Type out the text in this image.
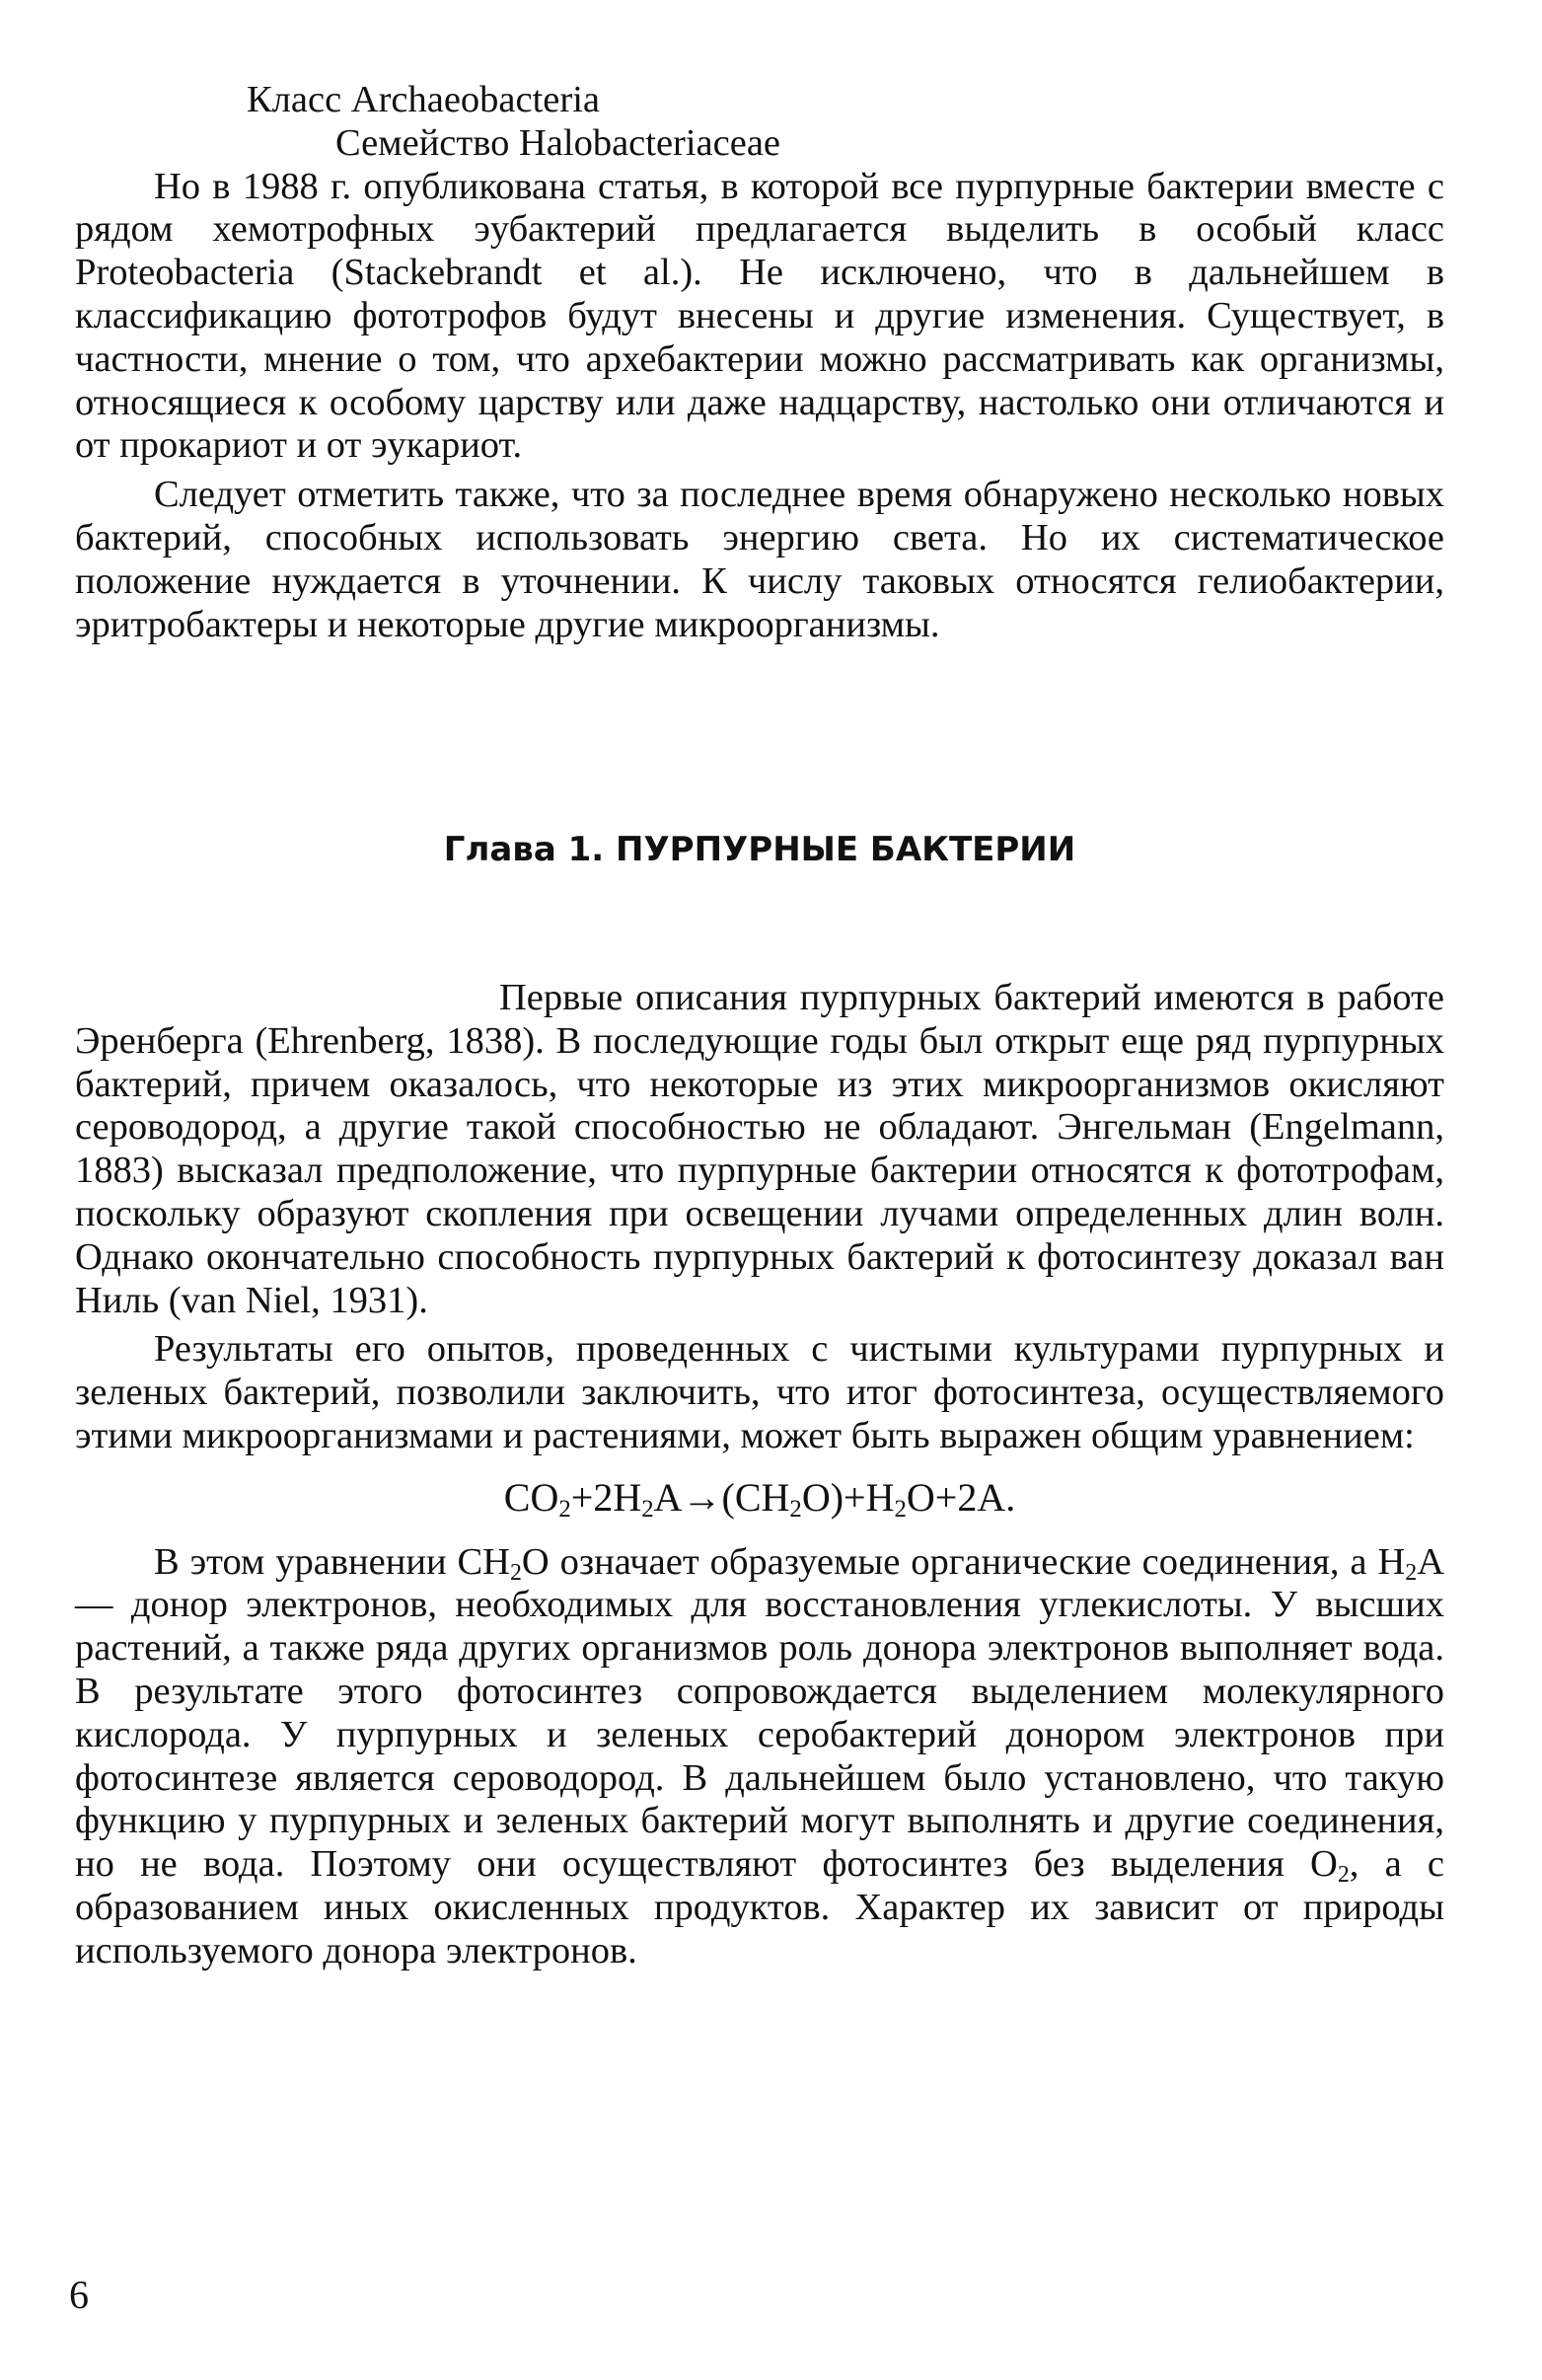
Класс Archaeobacteria

Семейство Halobacteriaceae

Но в 1988 г. опубликована статья, в которой все пурпурные бактерии вместе с рядом хемотрофных эубактерий предлагается выделить в особый класс Proteobacteria (Stackebrandt et al.). Не исключено, что в дальнейшем в классификацию фототрофов будут внесены и другие изменения. Существует, в частности, мнение о том, что архебактерии можно рассматривать как организмы, относящиеся к особому царству или даже надцарству, настолько они отличаются и от прокариот и от эукариот.

Следует отметить также, что за последнее время обнаружено несколько новых бактерий, способных использовать энергию света. Но их систематическое положение нуждается в уточнении. К числу таковых относятся гелиобактерии, эритробактеры и некоторые другие микроорганизмы.

Глава 1. ПУРПУРНЫЕ БАКТЕРИИ

Первые описания пурпурных бактерий имеются в работе Эренберга (Ehrenberg, 1838). В последующие годы был открыт еще ряд пурпурных бактерий, причем оказалось, что некоторые из этих микроорганизмов окисляют сероводород, а другие такой способностью не обладают. Энгельман (Engelmann, 1883) высказал предположение, что пурпурные бактерии относятся к фототрофам, поскольку образуют скопления при освещении лучами определенных длин волн. Однако окончательно способность пурпурных бактерий к фотосинтезу доказал ван Ниль (van Niel, 1931).

Результаты его опытов, проведенных с чистыми культурами пурпурных и зеленых бактерий, позволили заключить, что итог фотосинтеза, осуществляемого этими микроорганизмами и растениями, может быть выражен общим уравнением:

$CO_2+2H_2A\to(CH_2O)+H_2O+2A$.

В этом уравнении $CH_2O$ означает образуемые органические соединения, а $H_2A$ — донор электронов, необходимых для восстановления углекислоты. У высших растений, а также ряда других организмов роль донора электронов выполняет вода. В результате этого фотосинтез сопровождается выделением молекулярного кислорода. У пурпурных и зеленых серобактерий донором электронов при фотосинтезе является сероводород. В дальнейшем было установлено, что такую функцию у пурпурных и зеленых бактерий могут выполнять и другие соединения, но не вода. Поэтому они осуществляют фотосинтез без выделения $O_2$, а с образованием иных окисленных продуктов. Характер их зависит от природы используемого донора электронов.

6
